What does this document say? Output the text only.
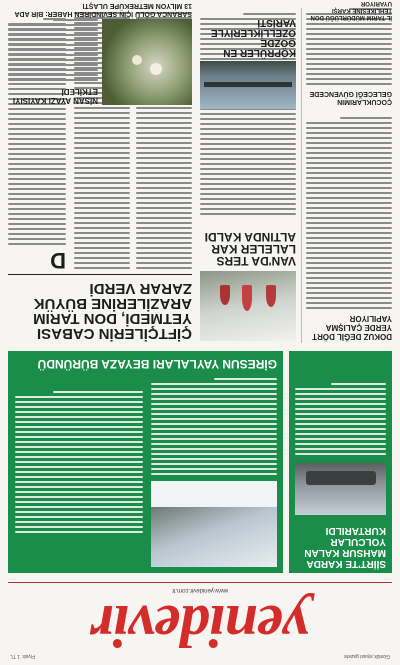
Günlük siyasi gazete
Fiyatı: 1 TL yenidevir
www.yenidevir.com.tr
SİİRT'TE KARDA MAHSUR KALAN YOLCULAR KURTARILDI
GİRESUN YAYLALARI BEYAZA BÜRÜNDÜ
DOKUZ DEĞİL DÖRT YERDE ÇALIŞMA YAPILIYOR
ÇOCUKLARIMIN GELECEĞİ GÜVENCEDE
VAN'DA TERS LALELER KAR ALTINDA KALDI
ÇİFTÇİLERİN CABASI YETMEDİ, DON TARIM ARAZİLERİNE BÜYÜK ZARAR VERDİ
D
KÖPRÜLER EN GÖZDE ÖZELLİKLERİYLE VARİSTİ
NİSAN AYAZI KAYISIYI ETKİLEDİ
SARANCA GÖLÜ İÇİN SEVİNDİREN HABER: BİR ADA 13 MİLYON METREKÜPE ULAŞTI
İL TARIM MÜDÜRLÜĞÜ DON TEHLİKESİNE KARŞI UYARIYOR
